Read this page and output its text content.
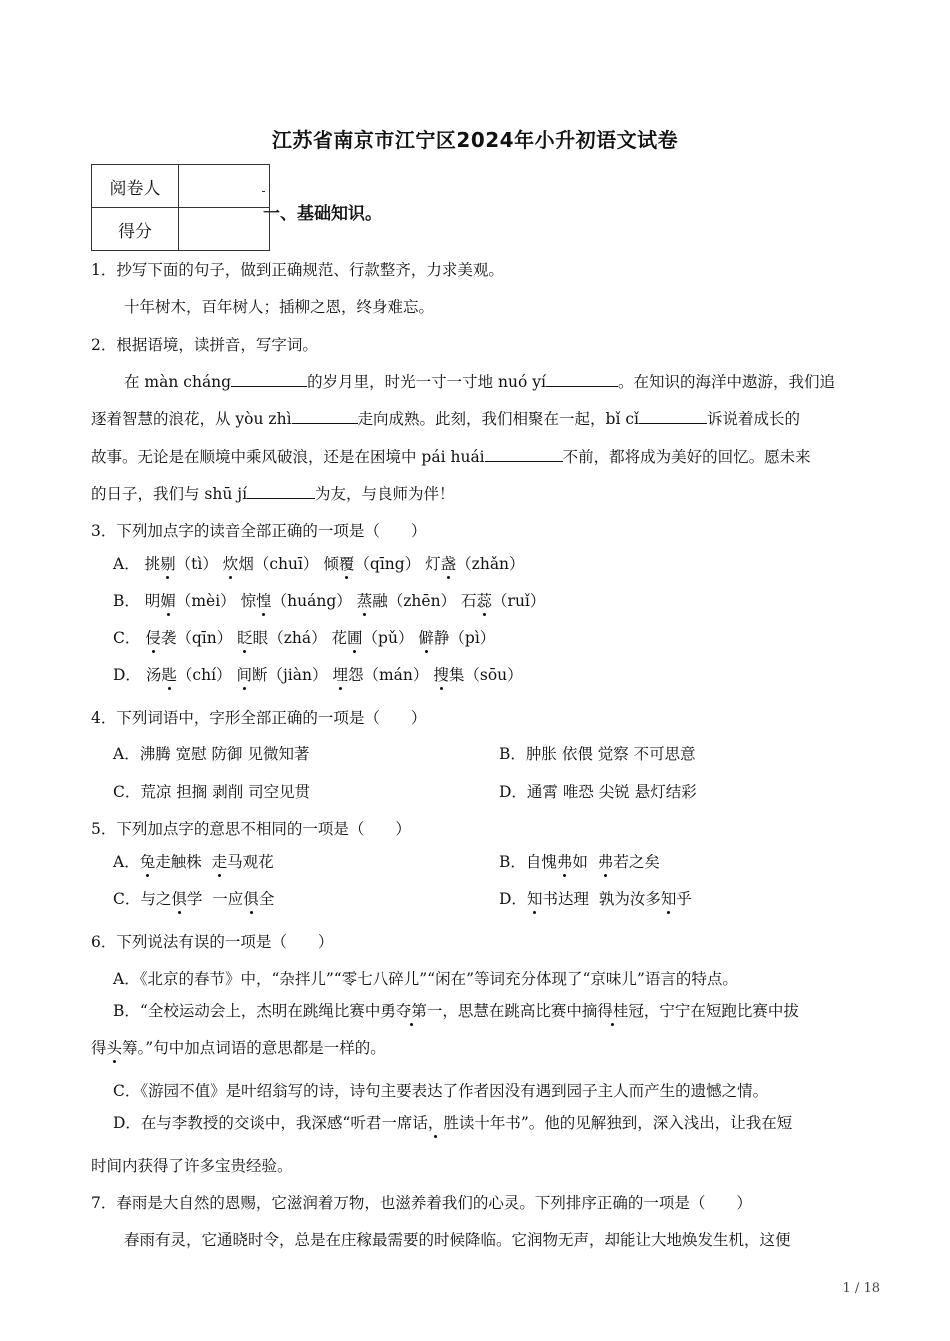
江苏省南京市江宁区2024年小升初语文试卷
阅卷人	
得分	
一、基础知识。
1．抄写下面的句子，做到正确规范、行款整齐，力求美观。
十年树木，百年树人；插柳之恩，终身难忘。
2．根据语境，读拼音，写字词。
在 màn cháng	的岁月里，时光一寸一寸地 nuó yí	。在知识的海洋中遨游，我们追
逐着智慧的浪花，从 yòu zhì	走向成熟。此刻，我们相聚在一起，bǐ cǐ	诉说着成长的
故事。无论是在顺境中乘风破浪，还是在困境中 pái huái	不前，都将成为美好的回忆。愿未来
的日子，我们与 shū jí	为友，与良师为伴！
3．下列加点字的读音全部正确的一项是（　　）
A． 挑剔（tì） 炊烟（chuī） 倾覆（qīng） 灯盏（zhǎn）
B． 明媚（mèi） 惊惶（huáng） 蒸融（zhēn） 石蕊（ruǐ）
C． 侵袭（qīn） 眨眼（zhá） 花圃（pǔ） 僻静（pì）
D． 汤匙（chí） 间断（jiàn） 埋怨（mán） 搜集（sōu）
4．下列词语中，字形全部正确的一项是（　　）
A．沸腾 宽慰 防御 见微知著	B．肿胀 依偎 觉察 不可思意
C．荒凉 担搁 剥削 司空见贯	D．通霄 唯恐 尖锐 悬灯结彩
5．下列加点字的意思不相同的一项是（　　）
A．兔走触株 走马观花	B．自愧弗如 弗若之矣
C．与之俱学 一应俱全	D．知书达理 孰为汝多知乎
6．下列说法有误的一项是（　　）
A．《北京的春节》中，“杂拌儿”“零七八碎儿”“闲在”等词充分体现了“京味儿”语言的特点。
B．“全校运动会上，杰明在跳绳比赛中勇夺第一，思慧在跳高比赛中摘得桂冠，宁宁在短跑比赛中拔
得头筹。”句中加点词语的意思都是一样的。
C．《游园不值》是叶绍翁写的诗，诗句主要表达了作者因没有遇到园子主人而产生的遗憾之情。
D．在与李教授的交谈中，我深感“听君一席话，胜读十年书”。他的见解独到，深入浅出，让我在短
时间内获得了许多宝贵经验。
7．春雨是大自然的恩赐，它滋润着万物，也滋养着我们的心灵。下列排序正确的一项是（　　）
春雨有灵，它通晓时令，总是在庄稼最需要的时候降临。它润物无声，却能让大地焕发生机，这便
1 / 18
